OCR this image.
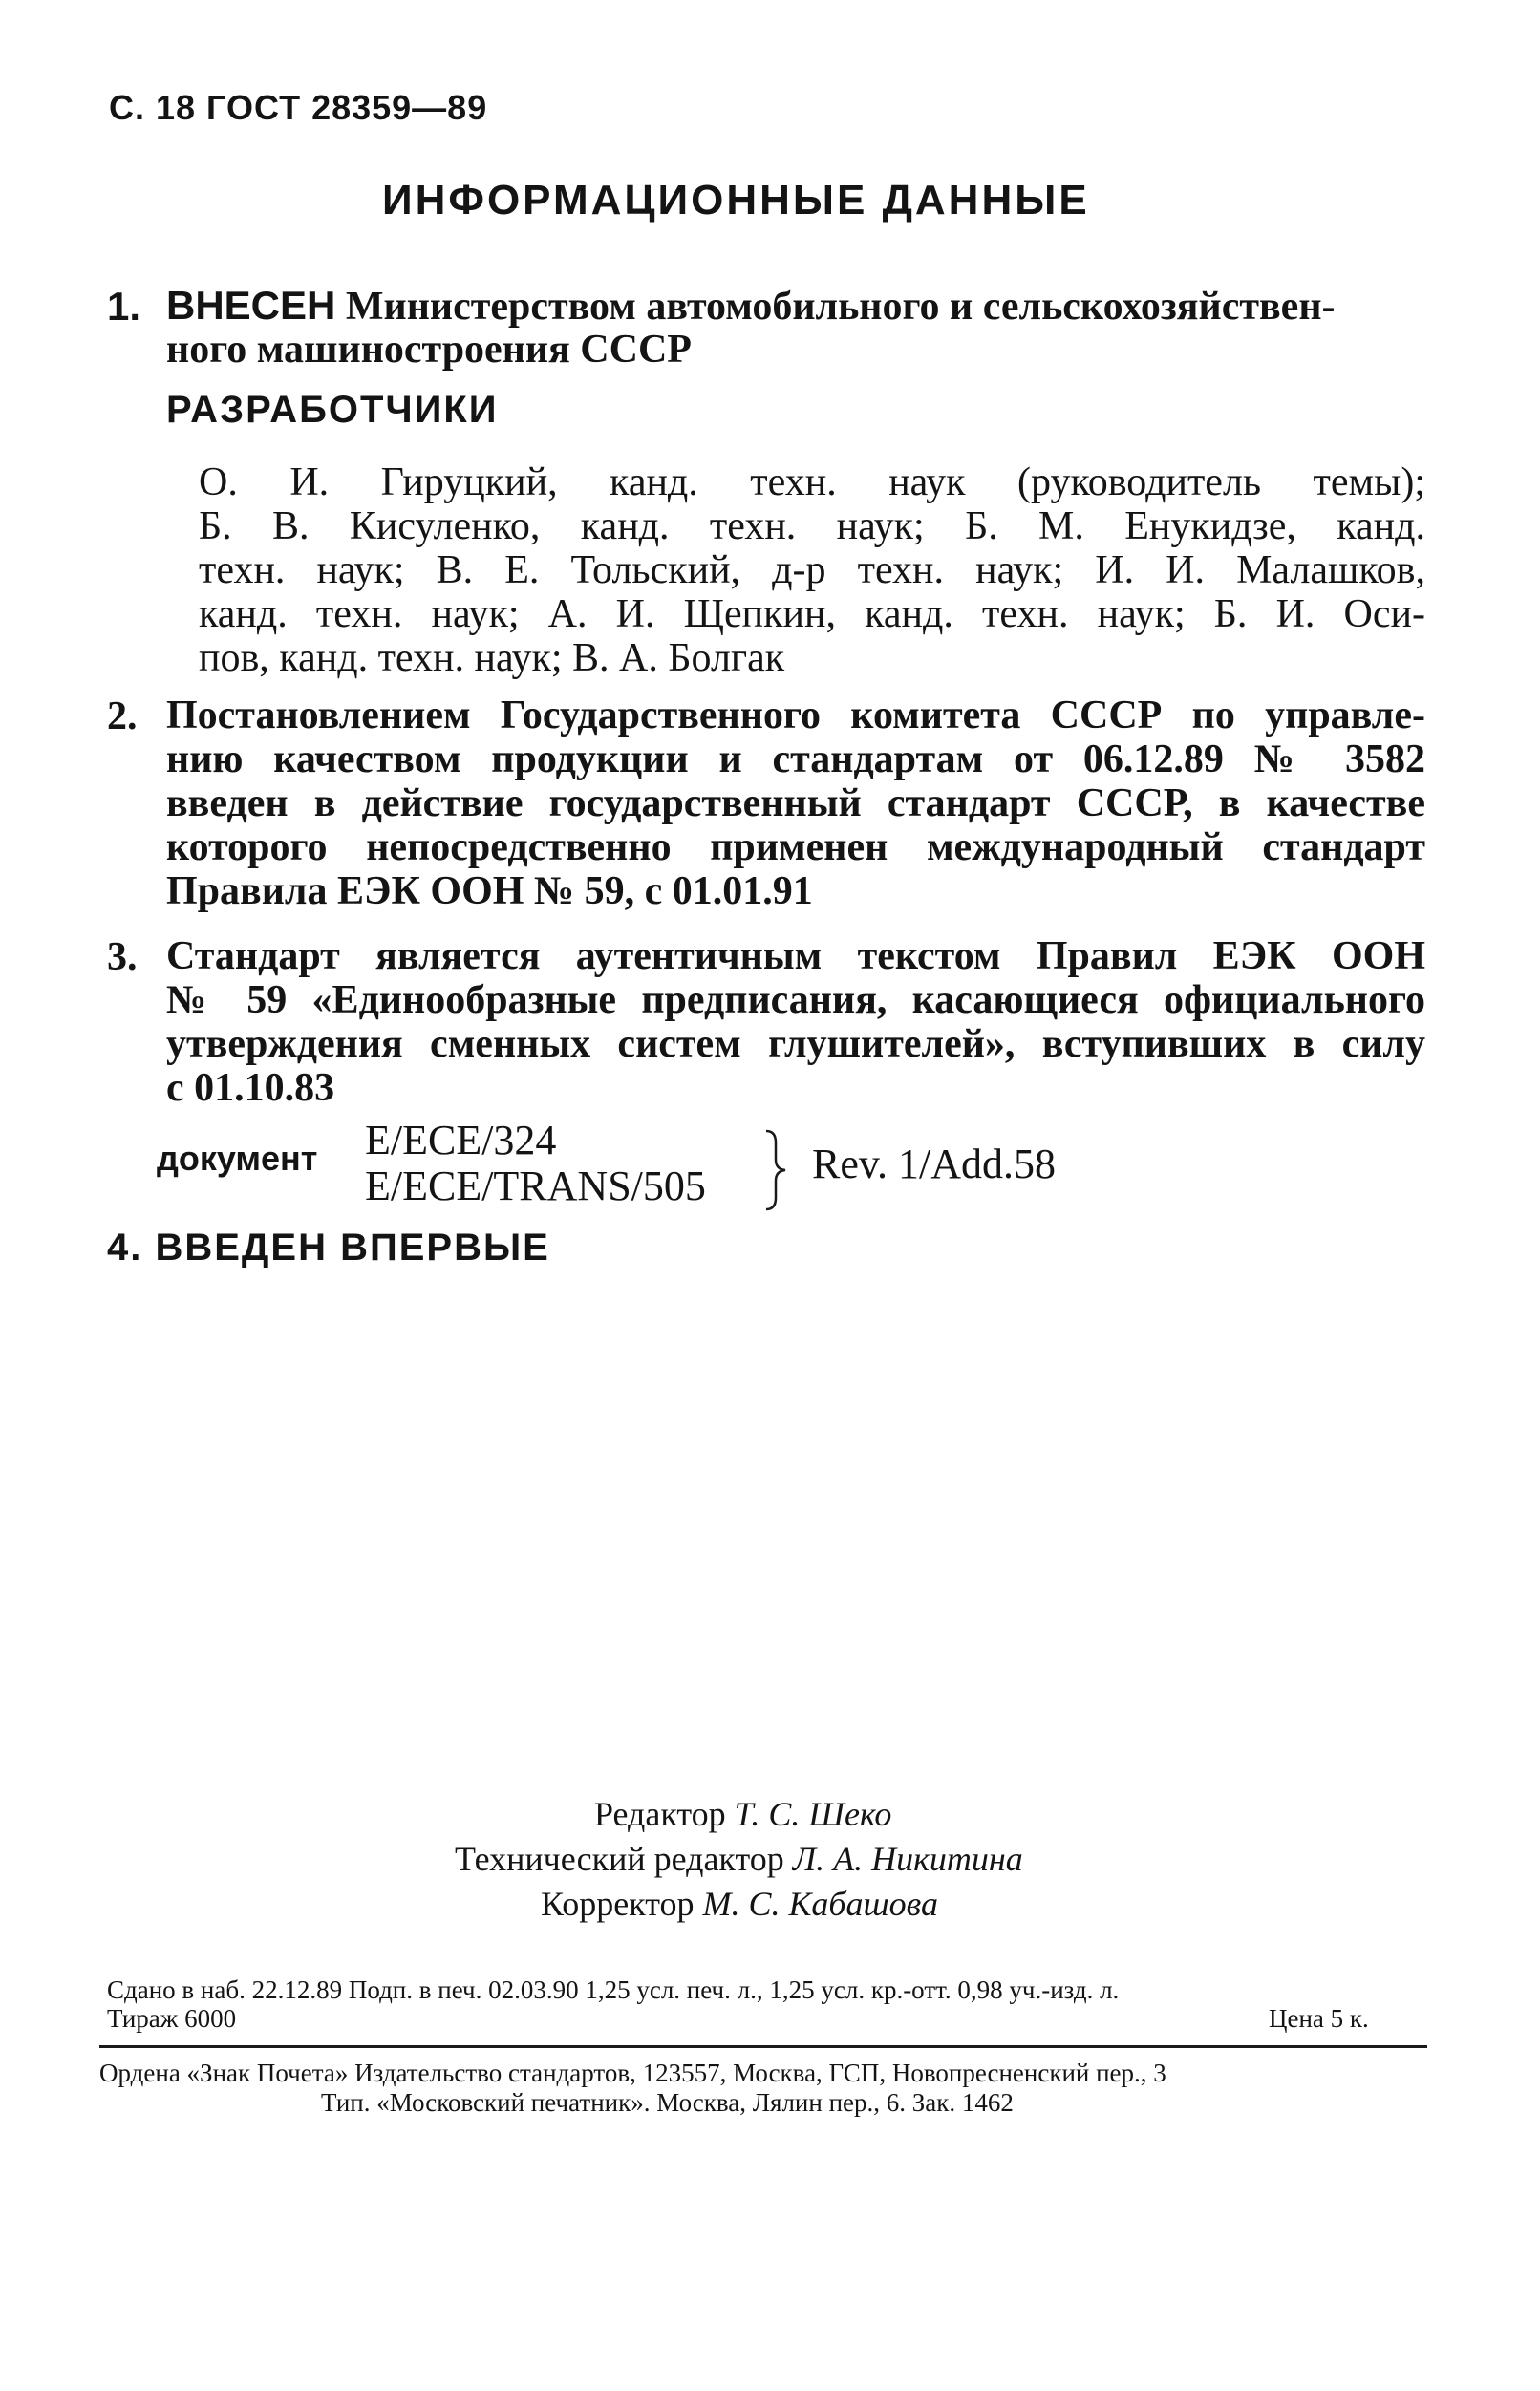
С. 18 ГОСТ 28359—89
ИНФОРМАЦИОННЫЕ ДАННЫЕ
1. ВНЕСЕН Министерством автомобильного и сельскохозяйствен-
ного машиностроения СССР
РАЗРАБОТЧИКИ
О. И. Гируцкий, канд. техн. наук (руководитель темы);
Б. В. Кисуленко, канд. техн. наук; Б. М. Енукидзе, канд.
техн. наук; В. Е. Тольский, д-р техн. наук; И. И. Малашков,
канд. техн. наук; А. И. Щепкин, канд. техн. наук; Б. И. Оси-
пов, канд. техн. наук; В. А. Болгак
2. Постановлением Государственного комитета СССР по управле-
нию качеством продукции и стандартам от 06.12.89 № 3582
введен в действие государственный стандарт СССР, в качестве
которого непосредственно применен международный стандарт
Правила ЕЭК ООН № 59, с 01.01.91
3. Стандарт является аутентичным текстом Правил ЕЭК ООН
№ 59 «Единообразные предписания, касающиеся официального
утверждения сменных систем глушителей», вступивших в силу
с 01.10.83
документ E/ECE/324
E/ECE/TRANS/505	Rev. 1/Add.58
4. ВВЕДЕН ВПЕРВЫЕ
Редактор Т. С. Шеко
Технический редактор Л. А. Никитина
Корректор М. С. Кабашова
Сдано в наб. 22.12.89 Подп. в печ. 02.03.90 1,25 усл. печ. л., 1,25 усл. кр.-отт. 0,98 уч.-изд. л.
Тираж 6000	Цена 5 к.
Ордена «Знак Почета» Издательство стандартов, 123557, Москва, ГСП, Новопресненский пер., 3
Тип. «Московский печатник». Москва, Лялин пер., 6. Зак. 1462
